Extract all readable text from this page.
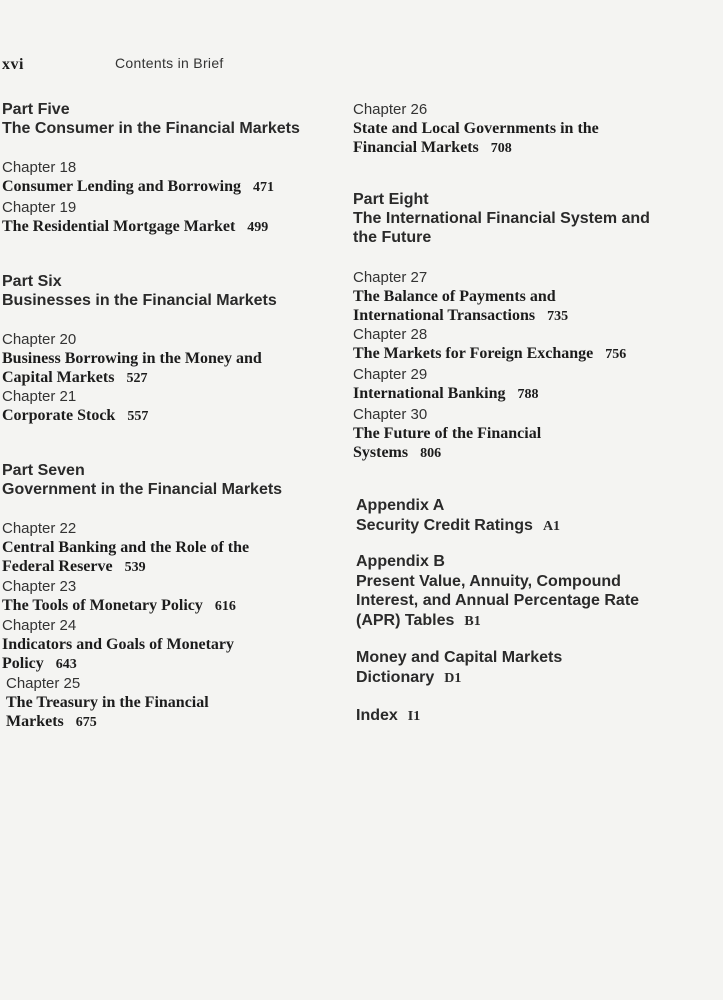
xvi	Contents in Brief
Part Five
The Consumer in the Financial Markets
Chapter 18
Consumer Lending and Borrowing 471
Chapter 19
The Residential Mortgage Market 499
Part Six
Businesses in the Financial Markets
Chapter 20
Business Borrowing in the Money and
Capital Markets 527
Chapter 21
Corporate Stock 557
Part Seven
Government in the Financial Markets
Chapter 22
Central Banking and the Role of the
Federal Reserve 539
Chapter 23
The Tools of Monetary Policy 616
Chapter 24
Indicators and Goals of Monetary
Policy 643
Chapter 25
The Treasury in the Financial
Markets 675
Chapter 26
State and Local Governments in the
Financial Markets 708
Part Eight
The International Financial System and
the Future
Chapter 27
The Balance of Payments and
International Transactions 735
Chapter 28
The Markets for Foreign Exchange 756
Chapter 29
International Banking 788
Chapter 30
The Future of the Financial
Systems 806
Appendix A
Security Credit Ratings A1
Appendix B
Present Value, Annuity, Compound
Interest, and Annual Percentage Rate
(APR) Tables B1
Money and Capital Markets
Dictionary D1
Index I1
